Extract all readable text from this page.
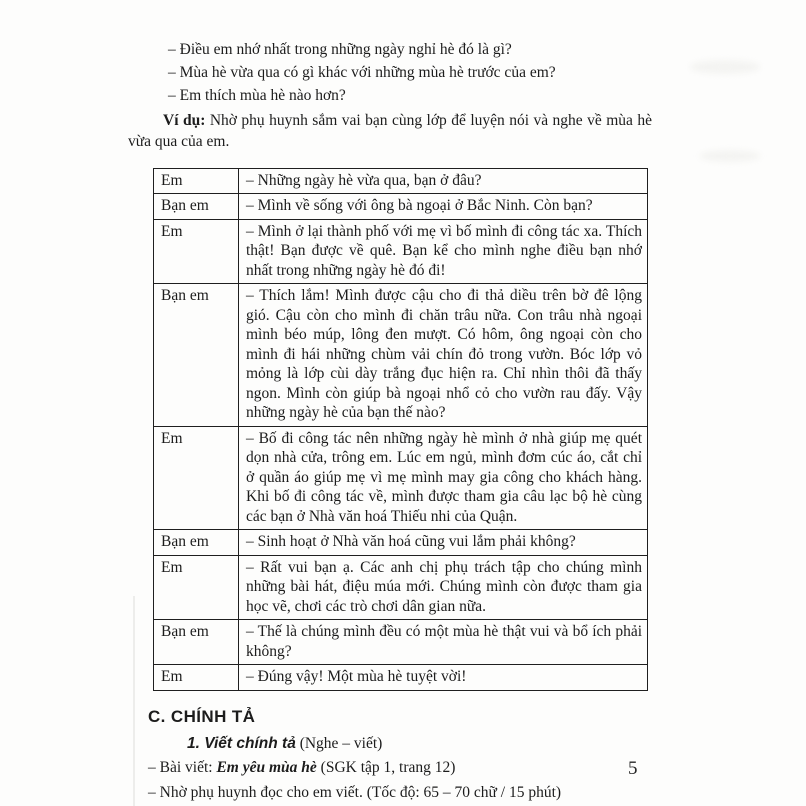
– Điều em nhớ nhất trong những ngày nghỉ hè đó là gì?
– Mùa hè vừa qua có gì khác với những mùa hè trước của em?
– Em thích mùa hè nào hơn?

Ví dụ: Nhờ phụ huynh sắm vai bạn cùng lớp để luyện nói và nghe về mùa hè vừa qua của em.

Em	– Những ngày hè vừa qua, bạn ở đâu?
Bạn em	– Mình về sống với ông bà ngoại ở Bắc Ninh. Còn bạn?
Em	– Mình ở lại thành phố với mẹ vì bố mình đi công tác xa. Thích thật! Bạn được về quê. Bạn kể cho mình nghe điều bạn nhớ nhất trong những ngày hè đó đi!
Bạn em	– Thích lắm! Mình được cậu cho đi thả diều trên bờ đê lộng gió. Cậu còn cho mình đi chăn trâu nữa. Con trâu nhà ngoại mình béo múp, lông đen mượt. Có hôm, ông ngoại còn cho mình đi hái những chùm vải chín đỏ trong vườn. Bóc lớp vỏ mỏng là lớp cùi dày trắng đục hiện ra. Chỉ nhìn thôi đã thấy ngon. Mình còn giúp bà ngoại nhổ cỏ cho vườn rau đấy. Vậy những ngày hè của bạn thế nào?
Em	– Bố đi công tác nên những ngày hè mình ở nhà giúp mẹ quét dọn nhà cửa, trông em. Lúc em ngủ, mình đơm cúc áo, cắt chỉ ở quần áo giúp mẹ vì mẹ mình may gia công cho khách hàng. Khi bố đi công tác về, mình được tham gia câu lạc bộ hè cùng các bạn ở Nhà văn hoá Thiếu nhi của Quận.
Bạn em	– Sinh hoạt ở Nhà văn hoá cũng vui lắm phải không?
Em	– Rất vui bạn ạ. Các anh chị phụ trách tập cho chúng mình những bài hát, điệu múa mới. Chúng mình còn được tham gia học vẽ, chơi các trò chơi dân gian nữa.
Bạn em	– Thế là chúng mình đều có một mùa hè thật vui và bổ ích phải không?
Em	– Đúng vậy! Một mùa hè tuyệt vời!
C. CHÍNH TẢ
1. Viết chính tả (Nghe – viết)
– Bài viết: Em yêu mùa hè (SGK tập 1, trang 12)
– Nhờ phụ huynh đọc cho em viết. (Tốc độ: 65 – 70 chữ / 15 phút)
5
